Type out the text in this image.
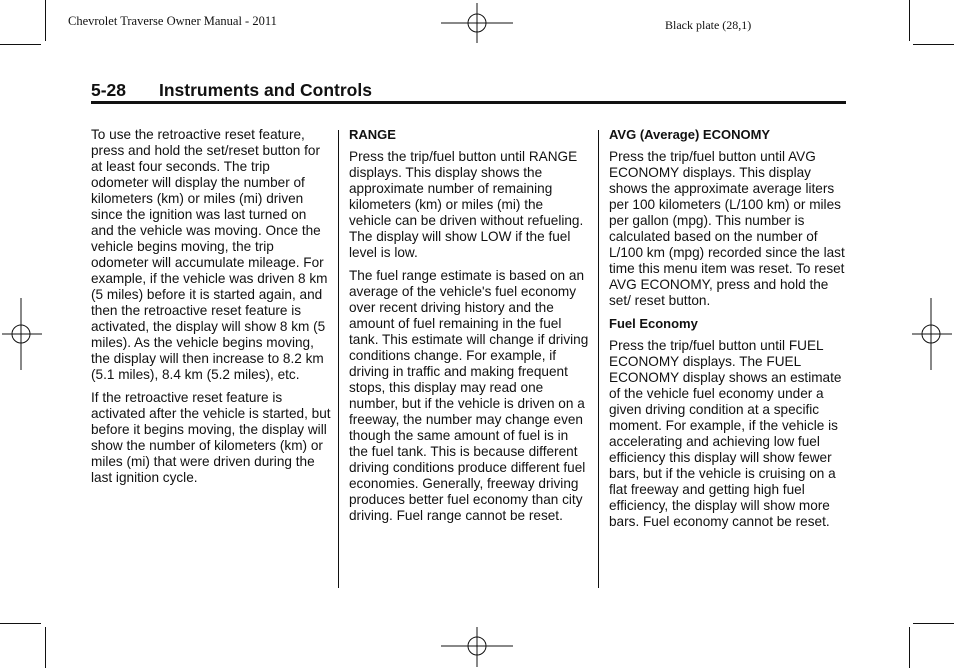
Chevrolet Traverse Owner Manual - 2011	Black plate (28,1)
5-28 Instruments and Controls

To use the retroactive reset feature, press and hold the set/reset button for at least four seconds. The trip odometer will display the number of kilometers (km) or miles (mi) driven since the ignition was last turned on and the vehicle was moving. Once the vehicle begins moving, the trip odometer will accumulate mileage. For example, if the vehicle was driven 8 km (5 miles) before it is started again, and then the retroactive reset feature is activated, the display will show 8 km (5 miles). As the vehicle begins moving, the display will then increase to 8.2 km (5.1 miles), 8.4 km (5.2 miles), etc.

If the retroactive reset feature is activated after the vehicle is started, but before it begins moving, the display will show the number of kilometers (km) or miles (mi) that were driven during the last ignition cycle.

RANGE

Press the trip/fuel button until RANGE displays. This display shows the approximate number of remaining kilometers (km) or miles (mi) the vehicle can be driven without refueling. The display will show LOW if the fuel level is low.

The fuel range estimate is based on an average of the vehicle's fuel economy over recent driving history and the amount of fuel remaining in the fuel tank. This estimate will change if driving conditions change. For example, if driving in traffic and making frequent stops, this display may read one number, but if the vehicle is driven on a freeway, the number may change even though the same amount of fuel is in the fuel tank. This is because different driving conditions produce different fuel economies. Generally, freeway driving produces better fuel economy than city driving. Fuel range cannot be reset.

AVG (Average) ECONOMY

Press the trip/fuel button until AVG ECONOMY displays. This display shows the approximate average liters per 100 kilometers (L/100 km) or miles per gallon (mpg). This number is calculated based on the number of L/100 km (mpg) recorded since the last time this menu item was reset. To reset AVG ECONOMY, press and hold the set/ reset button.

Fuel Economy

Press the trip/fuel button until FUEL ECONOMY displays. The FUEL ECONOMY display shows an estimate of the vehicle fuel economy under a given driving condition at a specific moment. For example, if the vehicle is accelerating and achieving low fuel efficiency this display will show fewer bars, but if the vehicle is cruising on a flat freeway and getting high fuel efficiency, the display will show more bars. Fuel economy cannot be reset.
